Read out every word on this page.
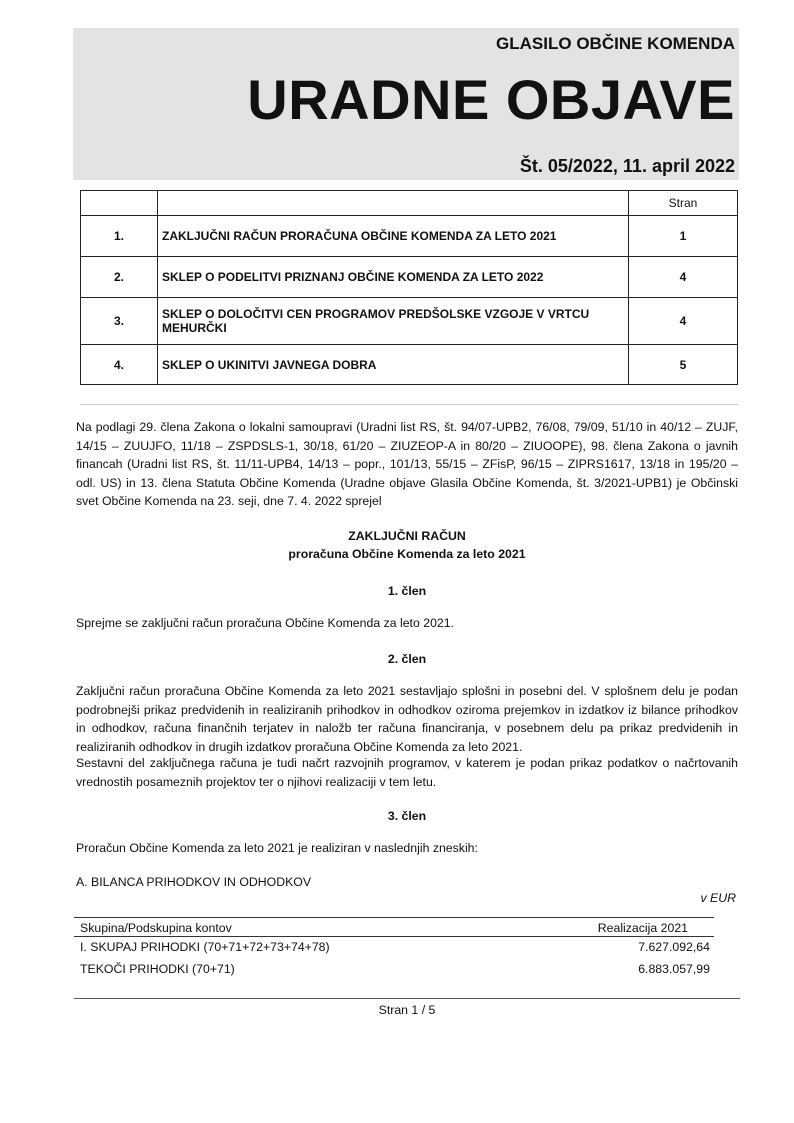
GLASILO OBČINE KOMENDA
URADNE OBJAVE
Št. 05/2022, 11. april 2022
		Stran
1.	ZAKLJUČNI RAČUN PRORAČUNA OBČINE KOMENDA ZA LETO 2021	1
2.	SKLEP O PODELITVI PRIZNANJ OBČINE KOMENDA ZA LETO 2022	4
3.	SKLEP O DOLOČITVI CEN PROGRAMOV PREDŠOLSKE VZGOJE V VRTCU MEHURČKI	4
4.	SKLEP O UKINITVI JAVNEGA DOBRA	5
Na podlagi 29. člena Zakona o lokalni samoupravi (Uradni list RS, št. 94/07-UPB2, 76/08, 79/09, 51/10 in 40/12 – ZUJF, 14/15 – ZUUJFO, 11/18 – ZSPDSLS-1, 30/18, 61/20 – ZIUZEOP-A in 80/20 – ZIUOOPE), 98. člena Zakona o javnih financah (Uradni list RS, št. 11/11-UPB4, 14/13 – popr., 101/13, 55/15 – ZFisP, 96/15 – ZIPRS1617, 13/18 in 195/20 – odl. US) in 13. člena Statuta Občine Komenda (Uradne objave Glasila Občine Komenda, št. 3/2021-UPB1) je Občinski svet Občine Komenda na 23. seji, dne 7. 4. 2022 sprejel
ZAKLJUČNI RAČUN
proračuna Občine Komenda za leto 2021
1. člen
Sprejme se zaključni račun proračuna Občine Komenda za leto 2021.
2. člen
Zaključni račun proračuna Občine Komenda za leto 2021 sestavljajo splošni in posebni del. V splošnem delu je podan podrobnejši prikaz predvidenih in realiziranih prihodkov in odhodkov oziroma prejemkov in izdatkov iz bilance prihodkov in odhodkov, računa finančnih terjatev in naložb ter računa financiranja, v posebnem delu pa prikaz predvidenih in realiziranih odhodkov in drugih izdatkov proračuna Občine Komenda za leto 2021.
Sestavni del zaključnega računa je tudi načrt razvojnih programov, v katerem je podan prikaz podatkov o načrtovanih vrednostih posameznih projektov ter o njihovi realizaciji v tem letu.
3. člen
Proračun Občine Komenda za leto 2021 je realiziran v naslednjih zneskih:
A. BILANCA PRIHODKOV IN ODHODKOV
v EUR
Skupina/Podskupina kontov	Realizacija 2021
I. SKUPAJ PRIHODKI (70+71+72+73+74+78)	7.627.092,64
TEKOČI PRIHODKI (70+71)	6.883.057,99
Stran 1 / 5
